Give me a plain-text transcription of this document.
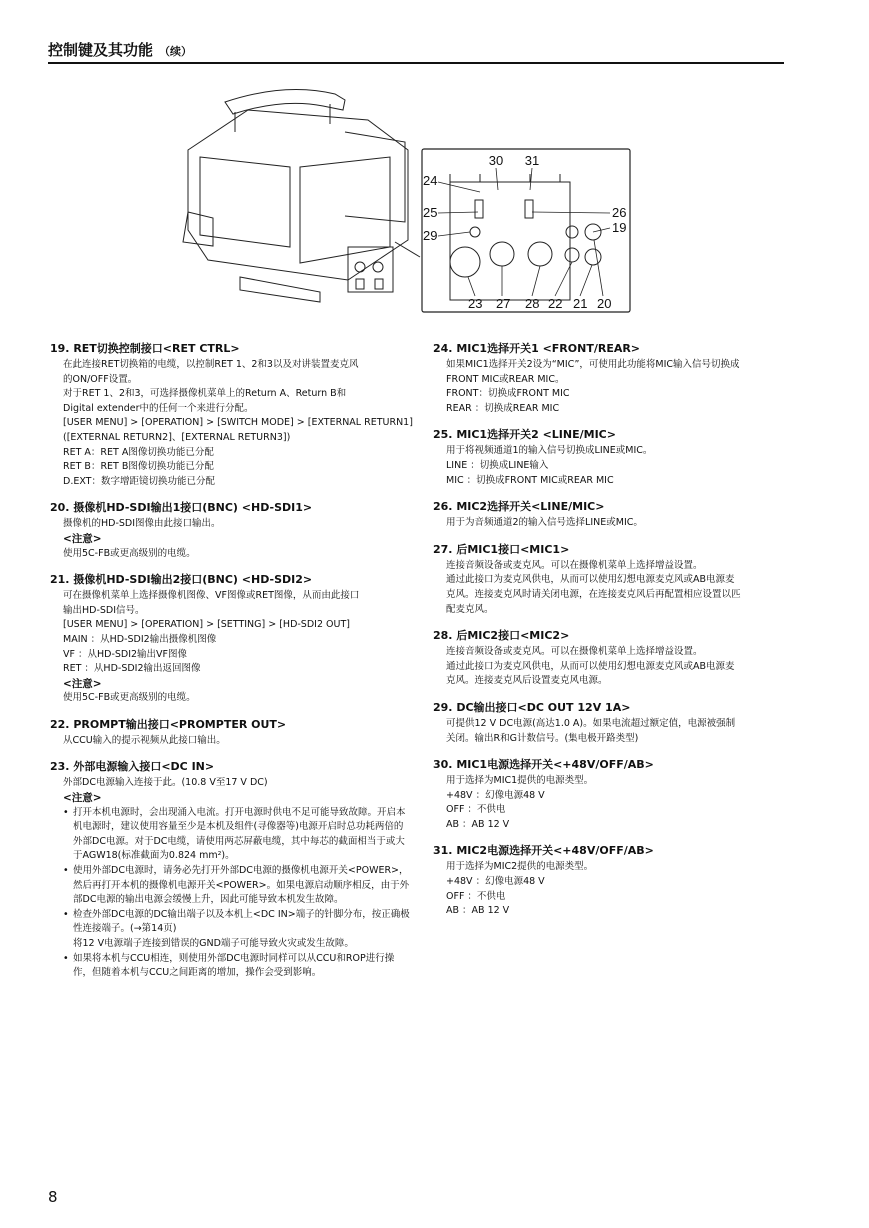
控制键及其功能 （续）
30 31
24
25	26
19
29
23 27 28 22 21 20
19. RET切换控制接口<RET CTRL>
在此连接RET切换箱的电缆，以控制RET 1、2和3以及对讲装置麦克风
的ON/OFF设置。
对于RET 1、2和3，可选择摄像机菜单上的Return A、Return B和
Digital extender中的任何一个来进行分配。
[USER MENU] > [OPERATION] > [SWITCH MODE] > [EXTERNAL RETURN1]
([EXTERNAL RETURN2]、[EXTERNAL RETURN3])
RET A：RET A图像切换功能已分配
RET B：RET B图像切换功能已分配
D.EXT：数字增距镜切换功能已分配
20. 摄像机HD-SDI输出1接口(BNC) <HD-SDI1>
摄像机的HD-SDI图像由此接口输出。
<注意>
使用5C-FB或更高级别的电缆。
21. 摄像机HD-SDI输出2接口(BNC) <HD-SDI2>
可在摄像机菜单上选择摄像机图像、VF图像或RET图像，从而由此接口
输出HD-SDI信号。
[USER MENU] > [OPERATION] > [SETTING] > [HD-SDI2 OUT]
MAIN ：从HD-SDI2输出摄像机图像
VF ：从HD-SDI2输出VF图像
RET ：从HD-SDI2输出返回图像
<注意>
使用5C-FB或更高级别的电缆。
22. PROMPT输出接口<PROMPTER OUT>
从CCU输入的提示视频从此接口输出。
23. 外部电源输入接口<DC IN>
外部DC电源输入连接于此。(10.8 V至17 V DC)
<注意>
• 打开本机电源时，会出现涌入电流。打开电源时供电不足可能导致故障。开启本机电源时，建议使用容量至少是本机及组件(寻像器等)电源开启时总功耗两倍的外部DC电源。对于DC电缆，请使用两芯屏蔽电缆，其中每芯的截面相当于或大于AGW18(标准截面为0.824 mm²)。
• 使用外部DC电源时，请务必先打开外部DC电源的摄像机电源开关<POWER>，然后再打开本机的摄像机电源开关<POWER>。如果电源启动顺序相反，由于外部DC电源的输出电源会缓慢上升，因此可能导致本机发生故障。
• 检查外部DC电源的DC输出端子以及本机上<DC IN>端子的针脚分布，按正确极性连接端子。(→第14页)
将12 V电源端子连接到错误的GND端子可能导致火灾或发生故障。
• 如果将本机与CCU相连，则使用外部DC电源时同样可以从CCU和ROP进行操作，但随着本机与CCU之间距离的增加，操作会受到影响。
24. MIC1选择开关1 <FRONT/REAR>
如果MIC1选择开关2设为“MIC”，可使用此功能将MIC输入信号切换成
FRONT MIC或REAR MIC。
FRONT：切换成FRONT MIC
REAR ：切换成REAR MIC
25. MIC1选择开关2 <LINE/MIC>
用于将视频通道1的输入信号切换成LINE或MIC。
LINE ：切换成LINE输入
MIC ：切换成FRONT MIC或REAR MIC
26. MIC2选择开关<LINE/MIC>
用于为音频通道2的输入信号选择LINE或MIC。
27. 后MIC1接口<MIC1>
连接音频设备或麦克风。可以在摄像机菜单上选择增益设置。
通过此接口为麦克风供电，从而可以使用幻想电源麦克风或AB电源麦
克风。连接麦克风时请关闭电源，在连接麦克风后再配置相应设置以匹
配麦克风。
28. 后MIC2接口<MIC2>
连接音频设备或麦克风。可以在摄像机菜单上选择增益设置。
通过此接口为麦克风供电，从而可以使用幻想电源麦克风或AB电源麦
克风。连接麦克风后设置麦克风电源。
29. DC输出接口<DC OUT 12V 1A>
可提供12 V DC电源(高达1.0 A)。如果电流超过额定值，电源被强制
关闭。输出R和G计数信号。(集电极开路类型)
30. MIC1电源选择开关<+48V/OFF/AB>
用于选择为MIC1提供的电源类型。
+48V ：幻像电源48 V
OFF ：不供电
AB ：AB 12 V
31. MIC2电源选择开关<+48V/OFF/AB>
用于选择为MIC2提供的电源类型。
+48V ：幻像电源48 V
OFF ：不供电
AB ：AB 12 V
8
